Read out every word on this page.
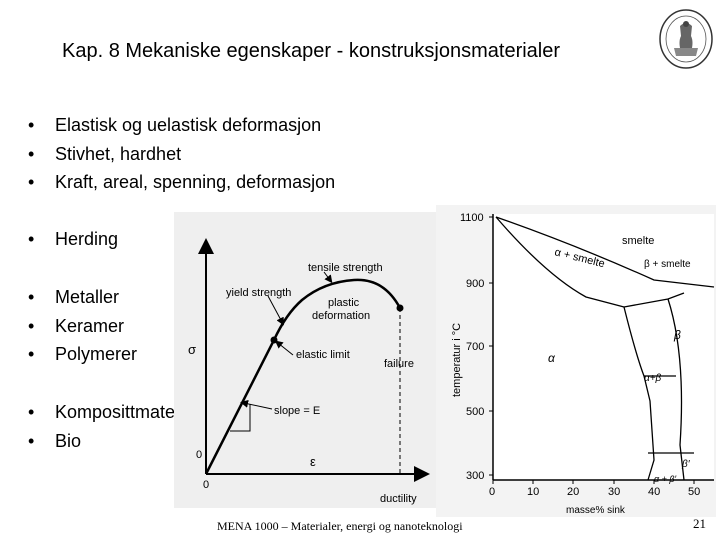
Kap. 8 Mekaniske egenskaper - konstruksjonsmaterialer
• Elastisk og uelastisk deformasjon
• Stivhet, hardhet
• Kraft, areal, spenning, deformasjon
• Herding
• Metaller
• Keramer
• Polymerer
• Komposittmaterialer
• Bio
σ
ε
0
0
tensile strength
yield strength
plastic
deformation
elastic limit
failure
slope = E
ductility
1100
900
700
500
300
0	10	20	30	40	50
temperatur i °C
masse% sink
smelte
α + smelte	β + smelte
α
β
α+β
α + β′
β′
MENA 1000 – Materialer, energi og nanoteknologi	21
